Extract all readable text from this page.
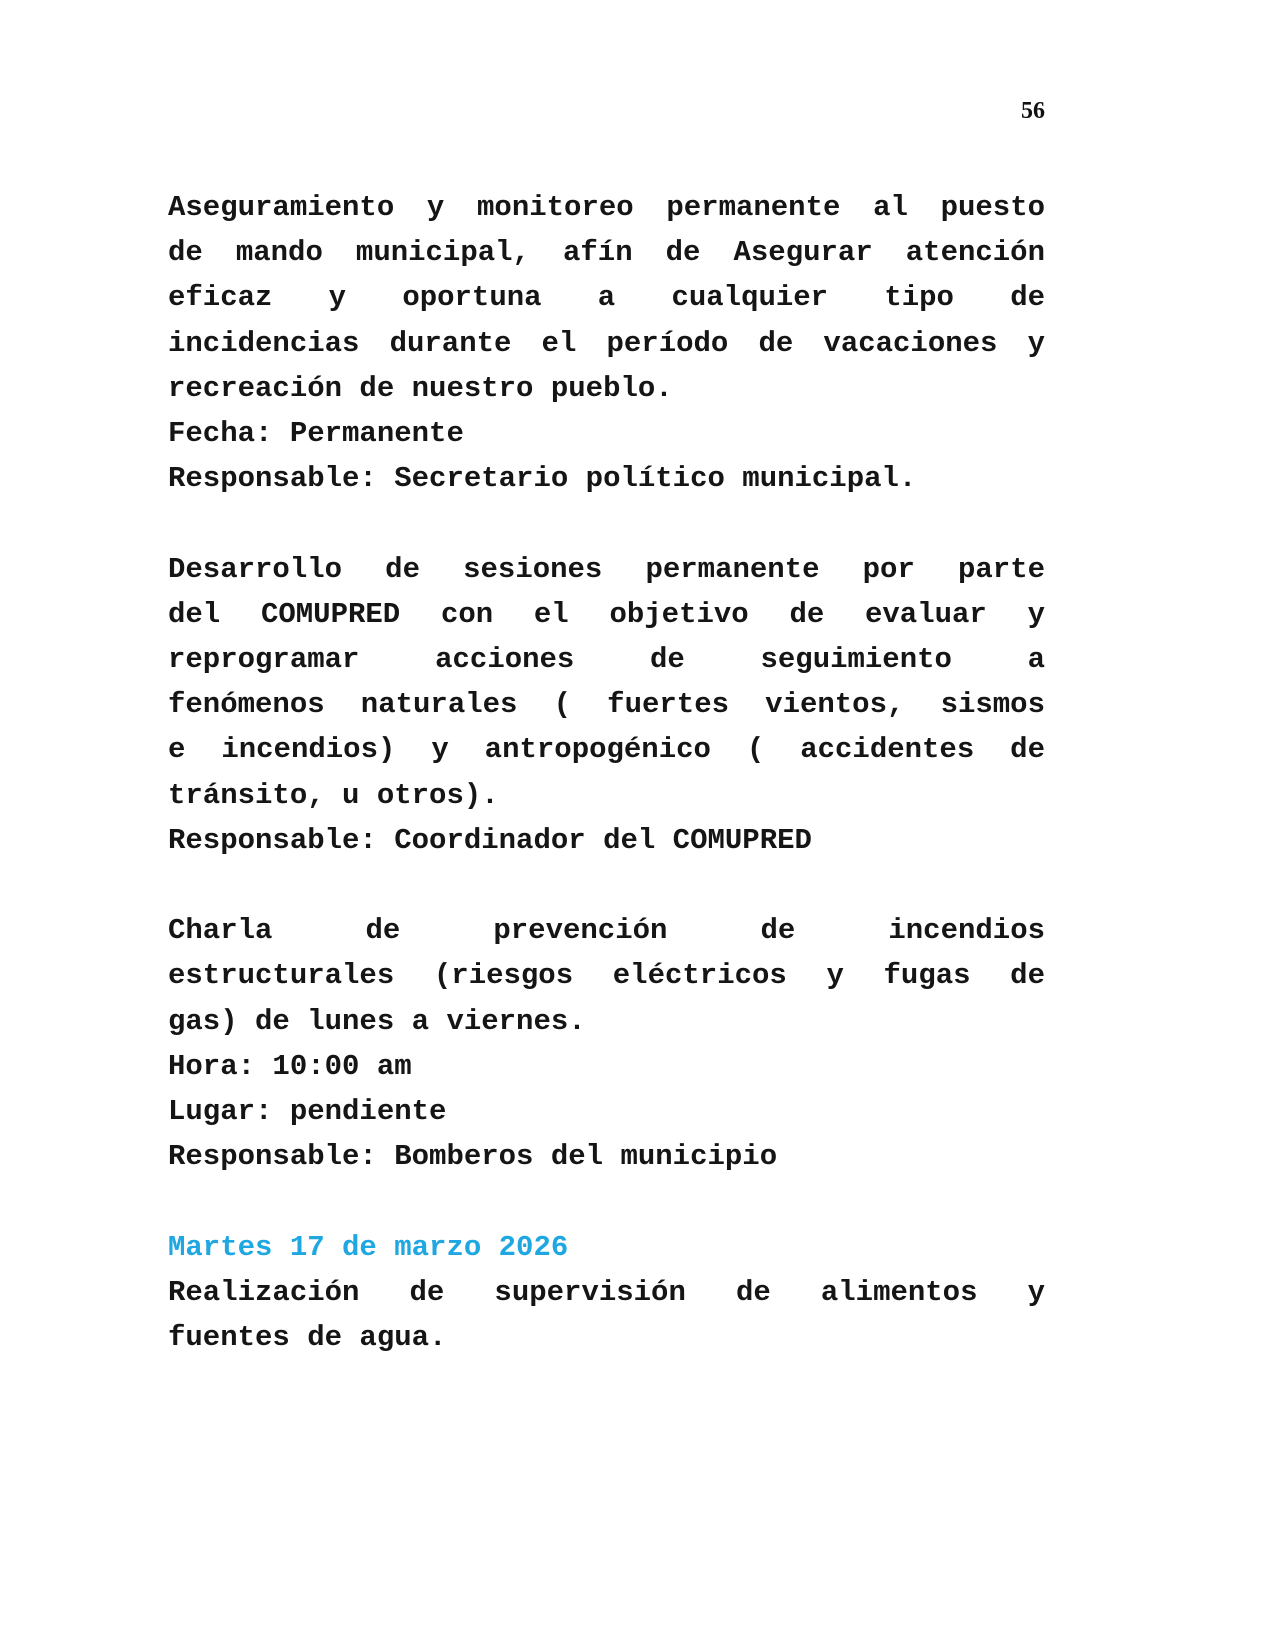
56
Aseguramiento y monitoreo permanente al puesto
de mando municipal, afín de Asegurar atención
eficaz y oportuna a cualquier tipo de
incidencias durante el período de vacaciones y
recreación de nuestro pueblo.
Fecha: Permanente
Responsable: Secretario político municipal.
Desarrollo de sesiones permanente por parte
del COMUPRED con el objetivo de evaluar y
reprogramar acciones de seguimiento a
fenómenos naturales ( fuertes vientos, sismos
e incendios) y antropogénico ( accidentes de
tránsito, u otros).
Responsable: Coordinador del COMUPRED
Charla de prevención de incendios
estructurales (riesgos eléctricos y fugas de
gas) de lunes a viernes.
Hora: 10:00 am
Lugar: pendiente
Responsable: Bomberos del municipio
Martes 17 de marzo 2026
Realización de supervisión de alimentos y
fuentes de agua.
